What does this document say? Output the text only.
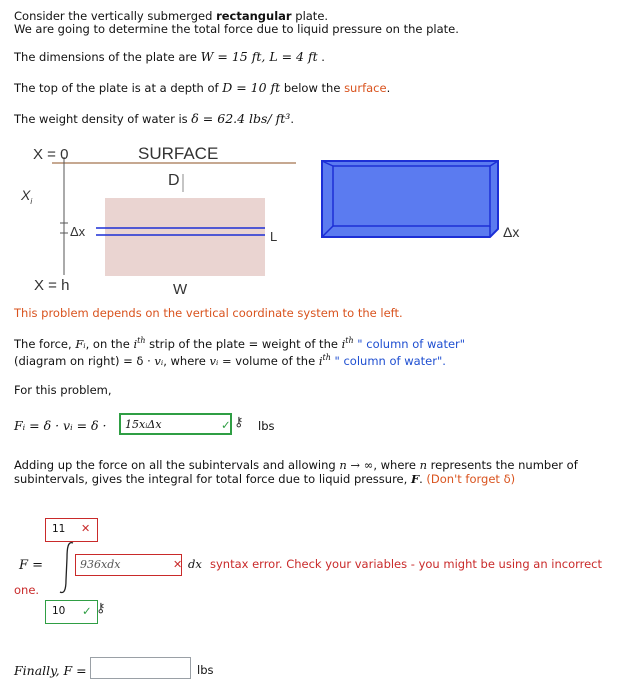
Consider the vertically submerged rectangular plate.
We are going to determine the total force due to liquid pressure on the plate.
The dimensions of the plate are W = 15 ft, L = 4 ft .
The top of the plate is at a depth of D = 10 ft below the surface.
The weight density of water is δ = 62.4 lbs/ ft³.
X = 0	SURFACE
D
$X_i$
Δx	L	Δx
X = h	W
This problem depends on the vertical coordinate system to the left.
The force, Fᵢ, on the $i^{th}$ strip of the plate = weight of the $i^{th}$ " column of water"
(diagram on right) = δ · vᵢ, where vᵢ = volume of the $i^{th}$ " column of water".
For this problem,
Fᵢ = δ · vᵢ = δ ·	15xᵢΔx	✓ ⚷ lbs
Adding up the force on all the subintervals and allowing n → ∞, where n represents the number of
subintervals, gives the integral for total force due to liquid pressure, F. (Don't forget δ)
11	✕
F =	936xdx	✕ dx syntax error. Check your variables - you might be using an incorrect
one.
10	✓ ⚷
Finally, F =	lbs
